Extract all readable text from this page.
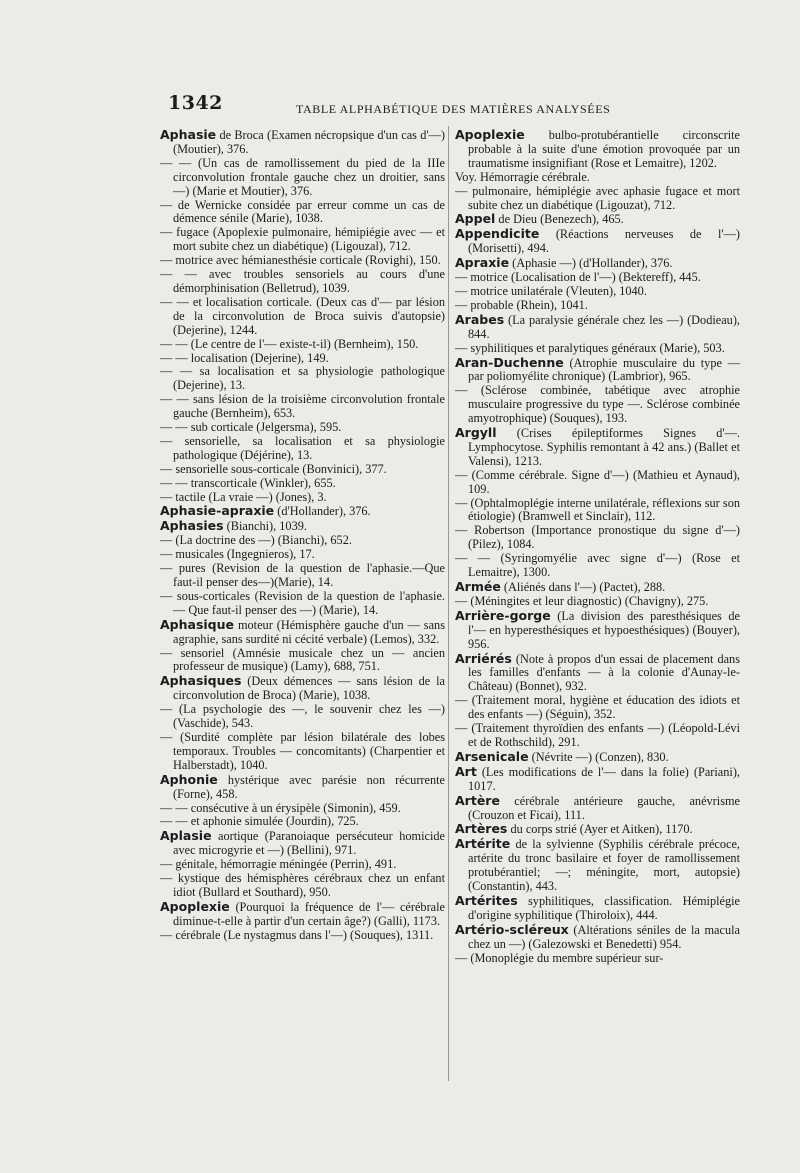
1342	TABLE ALPHABÉTIQUE DES MATIÈRES ANALYSÉES

Aphasie de Broca (Examen nécropsique d'un cas d'—) (Moutier), 376.

— — (Un cas de ramollissement du pied de la IIIe circonvolution frontale gauche chez un droitier, sans —) (Marie et Moutier), 376.

— de Wernicke considée par erreur comme un cas de démence sénile (Marie), 1038.

— fugace (Apoplexie pulmonaire, hémipiégie avec — et mort subite chez un diabétique) (Ligouzal), 712.

— motrice avec hémianesthésie corticale (Rovighi), 150.

— — avec troubles sensoriels au cours d'une démorphinisation (Belletrud), 1039.

— — et localisation corticale. (Deux cas d'— par lésion de la circonvolution de Broca suivis d'autopsie) (Dejerine), 1244.

— — (Le centre de l'— existe-t-il) (Bernheim), 150.

— — localisation (Dejerine), 149.

— — sa localisation et sa physiologie pathologique (Dejerine), 13.

— — sans lésion de la troisième circonvolution frontale gauche (Bernheim), 653.

— — sub corticale (Jelgersma), 595.

— sensorielle, sa localisation et sa physiologie pathologique (Déjérine), 13.

— sensorielle sous-corticale (Bonvinici), 377.

— — transcorticale (Winkler), 655.

— tactile (La vraie —) (Jones), 3.

Aphasie-apraxie (d'Hollander), 376.

Aphasies (Bianchi), 1039.

— (La doctrine des —) (Bianchi), 652.

— musicales (Ingegnieros), 17.

— pures (Revision de la question de l'aphasie.—Que faut-il penser des—)(Marie), 14.

— sous-corticales (Revision de la question de l'aphasie. — Que faut-il penser des —) (Marie), 14.

Aphasique moteur (Hémisphère gauche d'un — sans agraphie, sans surdité ni cécité verbale) (Lemos), 332.

— sensoriel (Amnésie musicale chez un — ancien professeur de musique) (Lamy), 688, 751.

Aphasiques (Deux démences — sans lésion de la circonvolution de Broca) (Marie), 1038.

— (La psychologie des —, le souvenir chez les —) (Vaschide), 543.

— (Surdité complète par lésion bilatérale des lobes temporaux. Troubles — concomitants) (Charpentier et Halberstadt), 1040.

Aphonie hystérique avec parésie non récurrente (Forne), 458.

— — consécutive à un érysipèle (Simonin), 459.

— — et aphonie simulée (Jourdin), 725.

Aplasie aortique (Paranoiaque persécuteur homicide avec microgyrie et —) (Bellini), 971.

— génitale, hémorragie méningée (Perrin), 491.

— kystique des hémisphères cérébraux chez un enfant idiot (Bullard et Southard), 950.

Apoplexie (Pourquoi la fréquence de l'— cérébrale diminue-t-elle à partir d'un certain âge?) (Galli), 1173.

— cérébrale (Le nystagmus dans l'—) (Souques), 1311.

Apoplexie bulbo-protubérantielle circonscrite probable à la suite d'une émotion provoquée par un traumatisme insignifiant (Rose et Lemaitre), 1202.

Voy. Hémorragie cérébrale.

— pulmonaire, hémiplégie avec aphasie fugace et mort subite chez un diabétique (Ligouzat), 712.

Appel de Dieu (Benezech), 465.

Appendicite (Réactions nerveuses de l'—) (Morisetti), 494.

Apraxie (Aphasie —) (d'Hollander), 376.

— motrice (Localisation de l'—) (Bektereff), 445.

— motrice unilatérale (Vleuten), 1040.

— probable (Rhein), 1041.

Arabes (La paralysie générale chez les —) (Dodieau), 844.

— syphilitiques et paralytiques généraux (Marie), 503.

Aran-Duchenne (Atrophie musculaire du type — par poliomyélite chronique) (Lambrior), 965.

— (Sclérose combinée, tabétique avec atrophie musculaire progressive du type —. Sclérose combinée amyotrophique) (Souques), 193.

Argyll (Crises épileptiformes Signes d'—. Lymphocytose. Syphilis remontant à 42 ans.) (Ballet et Valensi), 1213.

— (Comme cérébrale. Signe d'—) (Mathieu et Aynaud), 109.

— (Ophtalmoplégie interne unilatérale, réflexions sur son étiologie) (Bramwell et Sinclair), 112.

— Robertson (Importance pronostique du signe d'—) (Pilez), 1084.

— — (Syringomyélie avec signe d'—) (Rose et Lemaitre), 1300.

Armée (Aliénés dans l'—) (Pactet), 288.

— (Méningites et leur diagnostic) (Chavigny), 275.

Arrière-gorge (La division des paresthésiques de l'— en hyperesthésiques et hypoesthésiques) (Bouyer), 956.

Arriérés (Note à propos d'un essai de placement dans les familles d'enfants — à la colonie d'Aunay-le-Château) (Bonnet), 932.

— (Traitement moral, hygiène et éducation des idiots et des enfants —) (Séguin), 352.

— (Traitement thyroïdien des enfants —) (Léopold-Lévi et de Rothschild), 291.

Arsenicale (Névrite —) (Conzen), 830.

Art (Les modifications de l'— dans la folie) (Pariani), 1017.

Artère cérébrale antérieure gauche, anévrisme (Crouzon et Ficai), 111.

Artères du corps strié (Ayer et Aitken), 1170.

Artérite de la sylvienne (Syphilis cérébrale précoce, artérite du tronc basilaire et foyer de ramollissement protubérantiel; —; méningite, mort, autopsie) (Constantin), 443.

Artérites syphilitiques, classification. Hémiplégie d'origine syphilitique (Thiroloix), 444.

Artério-scléreux (Altérations séniles de la macula chez un —) (Galezowski et Benedetti) 954.

— (Monoplégie du membre supérieur sur-
